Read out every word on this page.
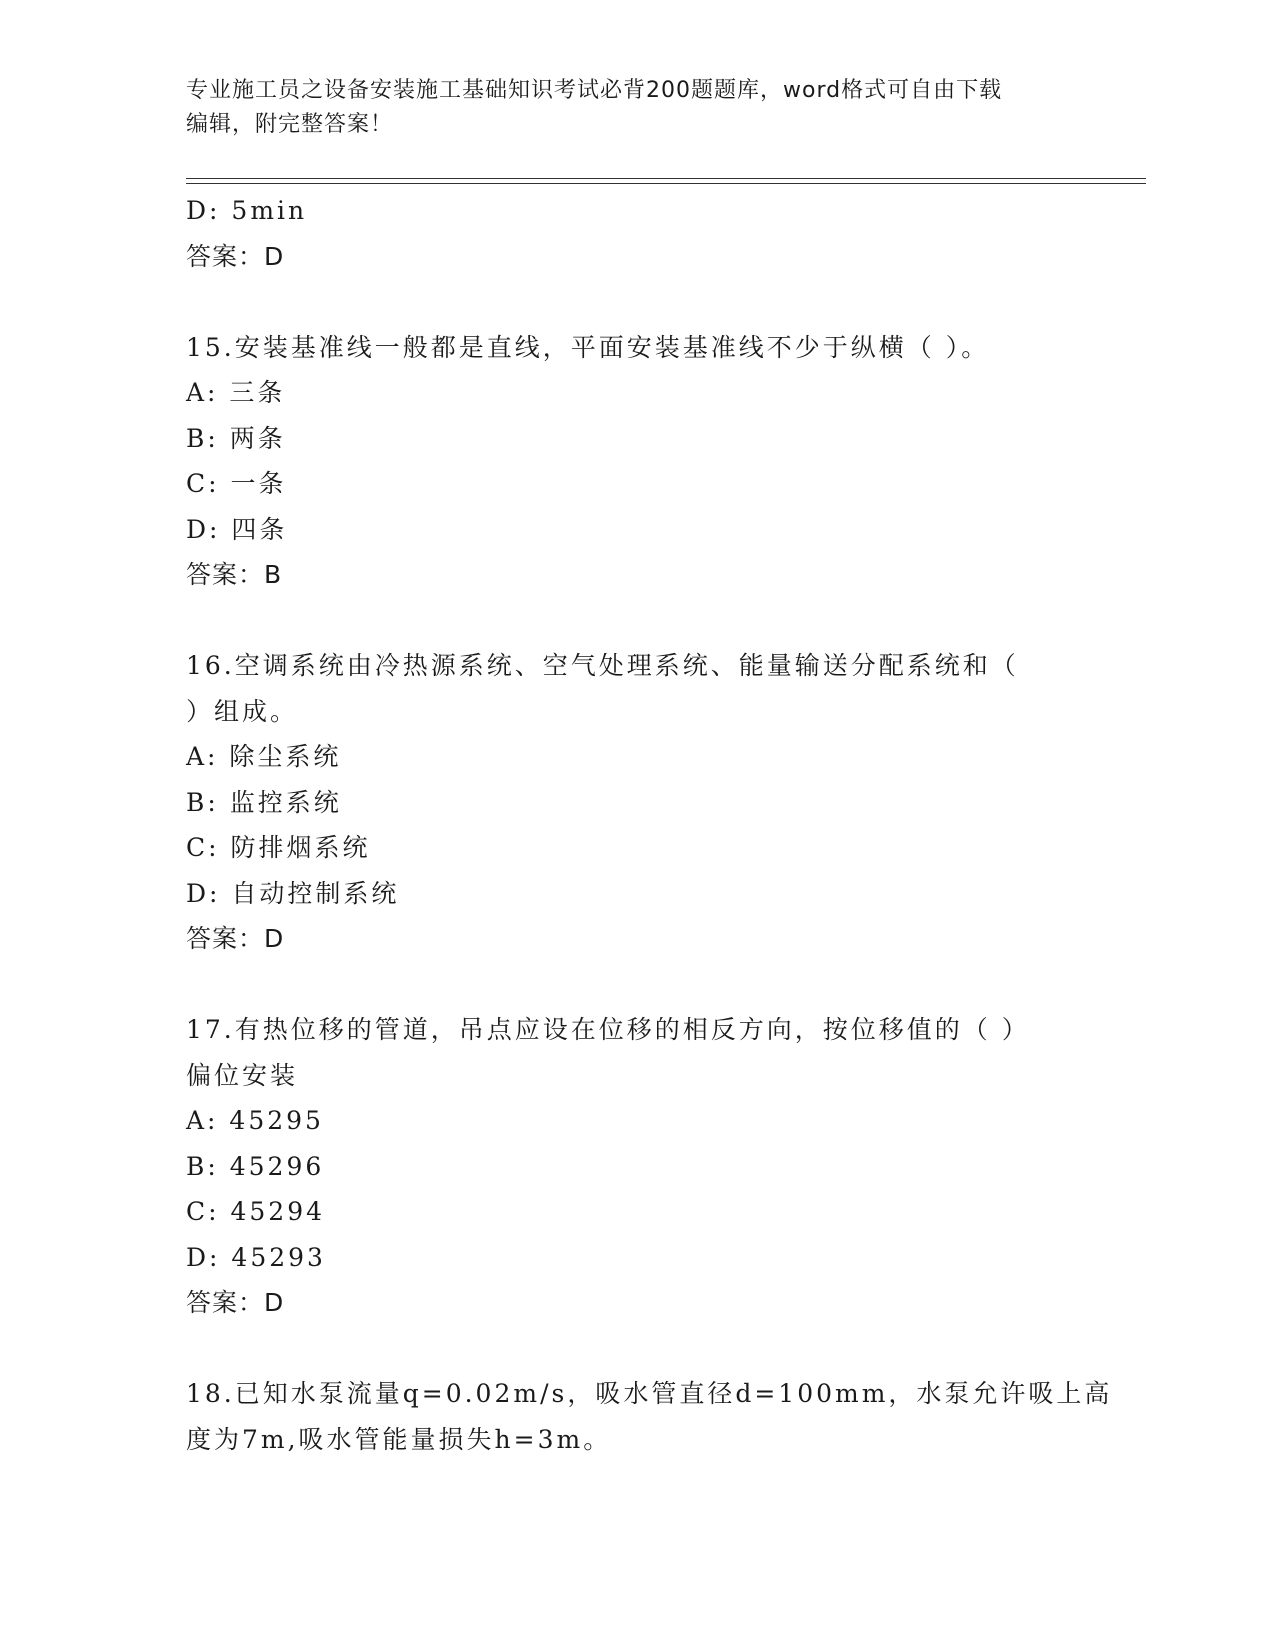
专业施工员之设备安装施工基础知识考试必背200题题库，word格式可自由下载
编辑，附完整答案！
D: 5min
答案：D
15.安装基准线一般都是直线，平面安装基准线不少于纵横（ ）。
A: 三条
B: 两条
C: 一条
D: 四条
答案：B
16.空调系统由冷热源系统、空气处理系统、能量输送分配系统和（
）组成。
A: 除尘系统
B: 监控系统
C: 防排烟系统
D: 自动控制系统
答案：D
17.有热位移的管道，吊点应设在位移的相反方向，按位移值的（ ）
偏位安装
A: 45295
B: 45296
C: 45294
D: 45293
答案：D
18.已知水泵流量q=0.02m/s，吸水管直径d=100mm，水泵允许吸上高
度为7m,吸水管能量损失h=3m。
